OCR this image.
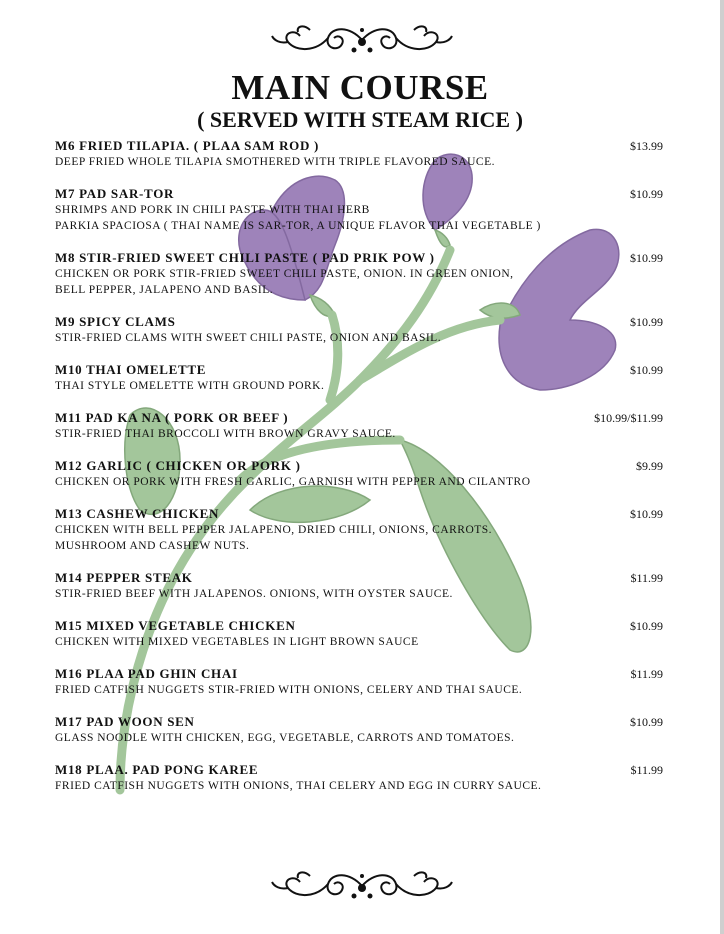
MAIN COURSE
( SERVED WITH STEAM RICE )
M6 FRIED TILAPIA. ( PLAA SAM ROD )
DEEP FRIED WHOLE TILAPIA SMOTHERED WITH TRIPLE FLAVORED SAUCE.
$13.99
M7 PAD SAR-TOR
SHRIMPS AND PORK IN CHILI PASTE WITH THAI HERB
PARKIA SPACIOSA ( THAI NAME IS SAR-TOR, A UNIQUE FLAVOR THAI VEGETABLE )
$10.99
M8 STIR-FRIED SWEET CHILI PASTE ( PAD PRIK POW )
CHICKEN OR PORK STIR-FRIED SWEET CHILI PASTE, ONION. IN GREEN ONION,
BELL PEPPER, JALAPENO AND BASIL.
$10.99
M9 SPICY CLAMS
STIR-FRIED CLAMS WITH SWEET CHILI PASTE, ONION AND BASIL.
$10.99
M10 THAI OMELETTE
THAI STYLE OMELETTE WITH GROUND PORK.
$10.99
M11 PAD KA NA ( PORK OR BEEF )
STIR-FRIED THAI BROCCOLI WITH BROWN GRAVY SAUCE.
$10.99/$11.99
M12 GARLIC ( CHICKEN OR PORK )
CHICKEN OR PORK WITH FRESH GARLIC, GARNISH WITH PEPPER AND CILANTRO
$9.99
M13 CASHEW CHICKEN
CHICKEN WITH BELL PEPPER JALAPENO, DRIED CHILI, ONIONS, CARROTS.
MUSHROOM AND CASHEW NUTS.
$10.99
M14 PEPPER STEAK
STIR-FRIED BEEF WITH JALAPENOS. ONIONS, WITH OYSTER SAUCE.
$11.99
M15 MIXED VEGETABLE CHICKEN
CHICKEN WITH MIXED VEGETABLES IN LIGHT BROWN SAUCE
$10.99
M16 PLAA PAD GHIN CHAI
FRIED CATFISH NUGGETS STIR-FRIED WITH ONIONS, CELERY AND THAI SAUCE.
$11.99
M17 PAD WOON SEN
GLASS NOODLE WITH CHICKEN, EGG, VEGETABLE, CARROTS AND TOMATOES.
$10.99
M18 PLAA. PAD PONG KAREE
FRIED CATFISH NUGGETS WITH ONIONS, THAI CELERY AND EGG IN CURRY SAUCE.
$11.99
